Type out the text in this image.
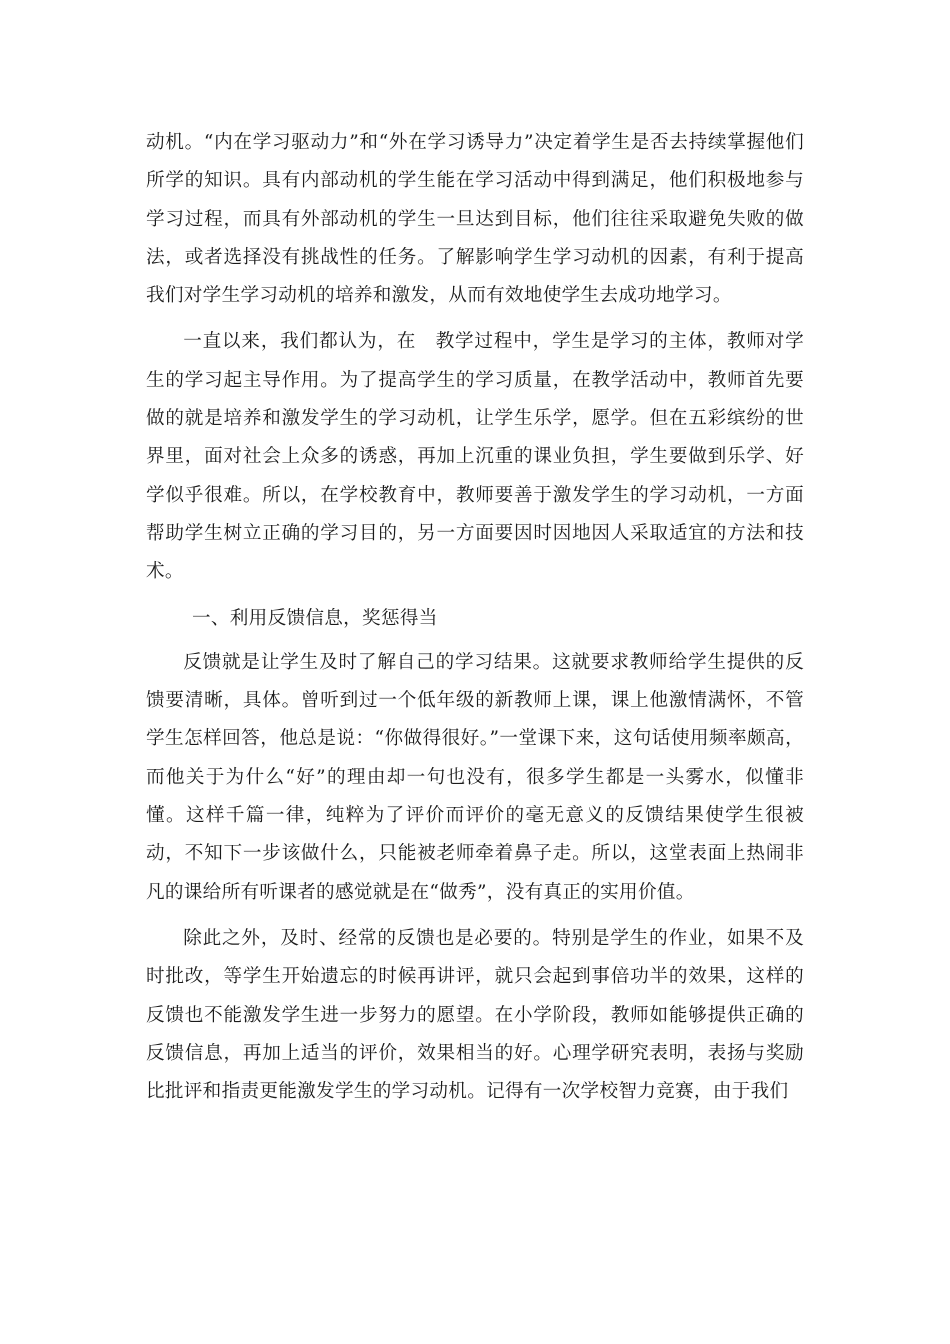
动机。“内在学习驱动力”和“外在学习诱导力”决定着学生是否去持续掌握他们所学的知识。具有内部动机的学生能在学习活动中得到满足，他们积极地参与学习过程，而具有外部动机的学生一旦达到目标，他们往往采取避免失败的做法，或者选择没有挑战性的任务。了解影响学生学习动机的因素，有利于提高我们对学生学习动机的培养和激发，从而有效地使学生去成功地学习。

一直以来，我们都认为，在　教学过程中，学生是学习的主体，教师对学生的学习起主导作用。为了提高学生的学习质量，在教学活动中，教师首先要做的就是培养和激发学生的学习动机，让学生乐学，愿学。但在五彩缤纷的世界里，面对社会上众多的诱惑，再加上沉重的课业负担，学生要做到乐学、好学似乎很难。所以，在学校教育中，教师要善于激发学生的学习动机，一方面帮助学生树立正确的学习目的，另一方面要因时因地因人采取适宜的方法和技术。

一、利用反馈信息，奖惩得当

反馈就是让学生及时了解自己的学习结果。这就要求教师给学生提供的反馈要清晰，具体。曾听到过一个低年级的新教师上课，课上他激情满怀，不管学生怎样回答，他总是说：“你做得很好。”一堂课下来，这句话使用频率颇高，而他关于为什么“好”的理由却一句也没有，很多学生都是一头雾水，似懂非懂。这样千篇一律，纯粹为了评价而评价的毫无意义的反馈结果使学生很被动，不知下一步该做什么，只能被老师牵着鼻子走。所以，这堂表面上热闹非凡的课给所有听课者的感觉就是在“做秀”，没有真正的实用价值。

除此之外，及时、经常的反馈也是必要的。特别是学生的作业，如果不及时批改，等学生开始遗忘的时候再讲评，就只会起到事倍功半的效果，这样的反馈也不能激发学生进一步努力的愿望。在小学阶段，教师如能够提供正确的反馈信息，再加上适当的评价，效果相当的好。心理学研究表明，表扬与奖励比批评和指责更能激发学生的学习动机。记得有一次学校智力竞赛，由于我们
